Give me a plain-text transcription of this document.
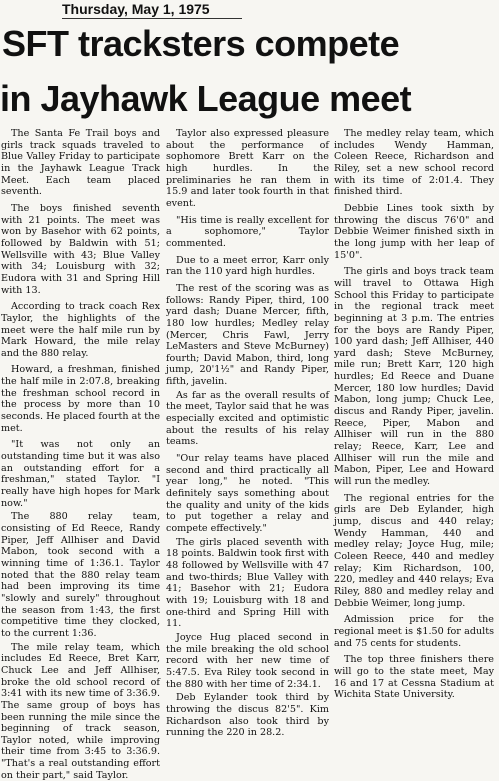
Thursday, May 1, 1975
SFT tracksters compete
in Jayhawk League meet

The Santa Fe Trail boys and girls track squads traveled to Blue Valley Friday to participate in the Jayhawk League Track Meet. Each team placed seventh.

The boys finished seventh with 21 points. The meet was won by Basehor with 62 points, followed by Baldwin with 51; Wellsville with 43; Blue Valley with 34; Louisburg with 32; Eudora with 31 and Spring Hill with 13.

According to track coach Rex Taylor, the highlights of the meet were the half mile run by Mark Howard, the mile relay and the 880 relay.

Howard, a freshman, finished the half mile in 2:07.8, breaking the freshman school record in the process by more than 10 seconds. He placed fourth at the met.

"It was not only an outstanding time but it was also an outstanding effort for a freshman," stated Taylor. "I really have high hopes for Mark now."

The 880 relay team, consisting of Ed Reece, Randy Piper, Jeff Allhiser and David Mabon, took second with a winning time of 1:36.1. Taylor noted that the 880 relay team had been improving its time "slowly and surely" throughout the season from 1:43, the first competitive time they clocked, to the current 1:36.

The mile relay team, which includes Ed Reece, Bret Karr, Chuck Lee and Jeff Allhiser, broke the old school record of 3:41 with its new time of 3:36.9. The same group of boys has been running the mile since the beginning of track season, Taylor noted, while improving their time from 3:45 to 3:36.9. "That's a real outstanding effort on their part," said Taylor.

Taylor also expressed pleasure about the performance of sophomore Brett Karr on the high hurdles. In the preliminaries he ran them in 15.9 and later took fourth in that event.

"His time is really excellent for a sophomore," Taylor commented.

Due to a meet error, Karr only ran the 110 yard high hurdles.

The rest of the scoring was as follows: Randy Piper, third, 100 yard dash; Duane Mercer, fifth, 180 low hurdles; Medley relay (Mercer, Chris Fawl, Jerry LeMasters and Steve McBurney) fourth; David Mabon, third, long jump, 20'1½" and Randy Piper, fifth, javelin.

As far as the overall results of the meet, Taylor said that he was especially excited and optimistic about the results of his relay teams.

"Our relay teams have placed second and third practically all year long," he noted. "This definitely says something about the quality and unity of the kids to put together a relay and compete effectively."

The girls placed seventh with 18 points. Baldwin took first with 48 followed by Wellsville with 47 and two-thirds; Blue Valley with 41; Basehor with 21; Eudora with 19; Louisburg with 18 and one-third and Spring Hill with 11.

Joyce Hug placed second in the mile breaking the old school record with her new time of 5:47.5. Eva Riley took second in the 880 with her time of 2:34.1.

Deb Eylander took third by throwing the discus 82'5". Kim Richardson also took third by running the 220 in 28.2.

The medley relay team, which includes Wendy Hamman, Coleen Reece, Richardson and Riley, set a new school record with its time of 2:01.4. They finished third.

Debbie Lines took sixth by throwing the discus 76'0" and Debbie Weimer finished sixth in the long jump with her leap of 15'0".

The girls and boys track team will travel to Ottawa High School this Friday to participate in the regional track meet beginning at 3 p.m. The entries for the boys are Randy Piper, 100 yard dash; Jeff Allhiser, 440 yard dash; Steve McBurney, mile run; Brett Karr, 120 high hurdles; Ed Reece and Duane Mercer, 180 low hurdles; David Mabon, long jump; Chuck Lee, discus and Randy Piper, javelin. Reece, Piper, Mabon and Allhiser will run in the 880 relay; Reece, Karr, Lee and Allhiser will run the mile and Mabon, Piper, Lee and Howard will run the medley.

The regional entries for the girls are Deb Eylander, high jump, discus and 440 relay; Wendy Hamman, 440 and medley relay; Joyce Hug, mile; Coleen Reece, 440 and medley relay; Kim Richardson, 100, 220, medley and 440 relays; Eva Riley, 880 and medley relay and Debbie Weimer, long jump.

Admission price for the regional meet is $1.50 for adults and 75 cents for students.

The top three finishers there will go to the state meet, May 16 and 17 at Cessna Stadium at Wichita State University.
